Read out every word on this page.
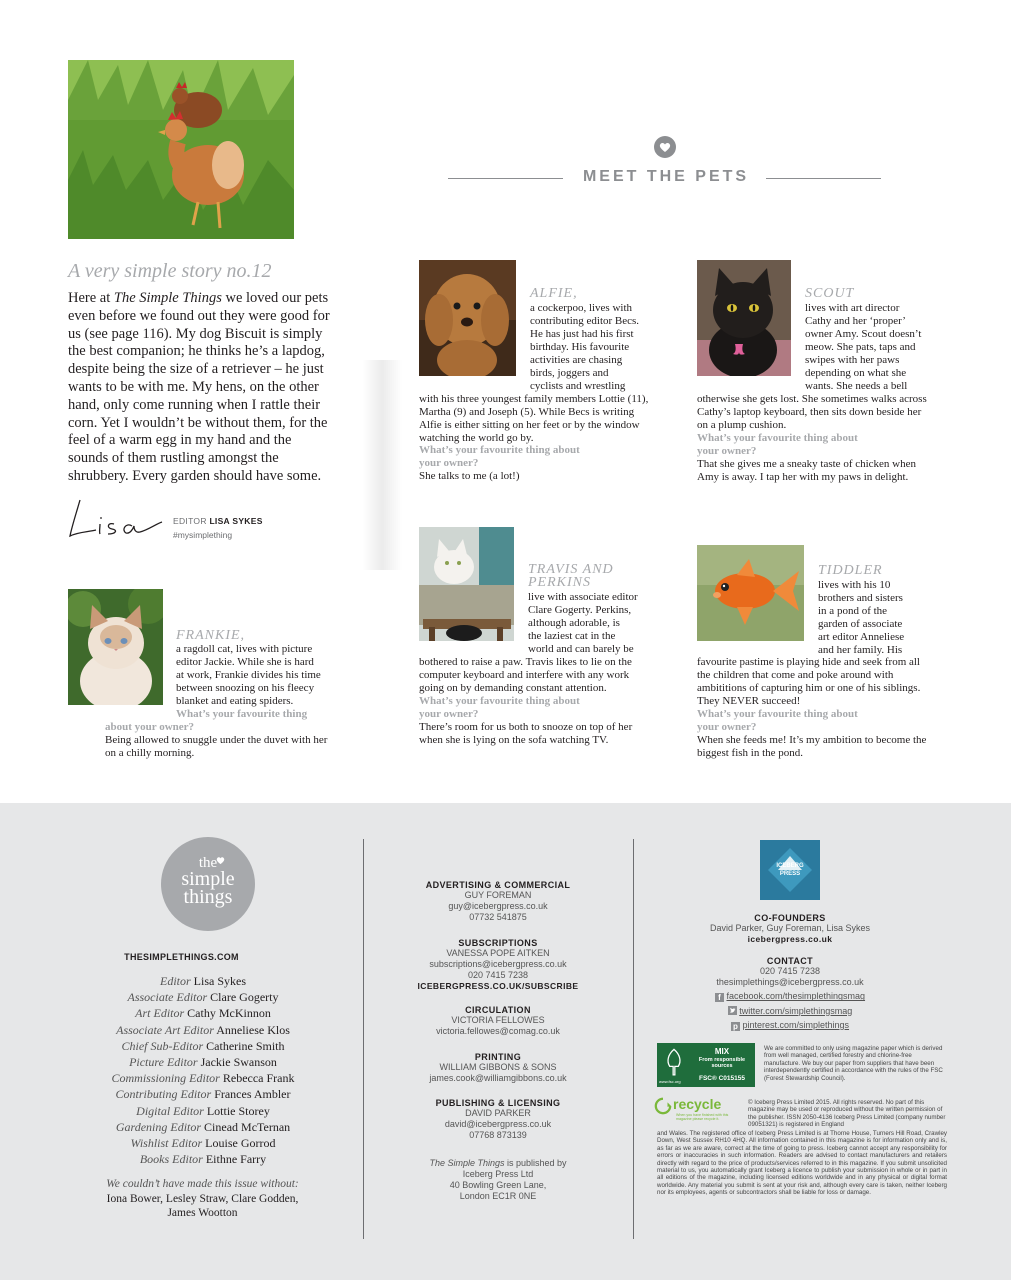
A very simple story no.12
Here at The Simple Things we loved our pets even before we found out they were good for us (see page 116). My dog Biscuit is simply the best companion; he thinks he’s a lapdog, despite being the size of a retriever – he just wants to be with me. My hens, on the other hand, only come running when I rattle their corn. Yet I wouldn’t be without them, for the feel of a warm egg in my hand and the sounds of them rustling amongst the shrubbery. Every garden should have some.
EDITOR LISA SYKES
#mysimplething
MEET THE PETS
ALFIE,
a cockerpoo, lives with
contributing editor Becs.
He has just had his first
birthday. His favourite
activities are chasing
birds, joggers and
cyclists and wrestling
with his three youngest family members Lottie (11), Martha (9) and Joseph (5). While Becs is writing Alfie is either sitting on her feet or by the window watching the world go by.
What’s your favourite thing about
your owner?
She talks to me (a lot!)
SCOUT
lives with art director
Cathy and her ‘proper’
owner Amy. Scout doesn’t
meow. She pats, taps and
swipes with her paws
depending on what she
wants. She needs a bell
otherwise she gets lost. She sometimes walks across Cathy’s laptop keyboard, then sits down beside her on a plump cushion.
What’s your favourite thing about
your owner?
That she gives me a sneaky taste of chicken when Amy is away. I tap her with my paws in delight.
FRANKIE,
a ragdoll cat, lives with picture
editor Jackie. While she is hard
at work, Frankie divides his time
between snoozing on his fleecy
blanket and eating spiders.
What’s your favourite thing
about your owner?
Being allowed to snuggle under the duvet with her on a chilly morning.
TRAVIS AND
PERKINS
live with associate editor
Clare Gogerty. Perkins,
although adorable, is
the laziest cat in the
world and can barely be
bothered to raise a paw. Travis likes to lie on the computer keyboard and interfere with any work going on by demanding constant attention.
What’s your favourite thing about
your owner?
There’s room for us both to snooze on top of her when she is lying on the sofa watching TV.
TIDDLER
lives with his 10
brothers and sisters
in a pond of the
garden of associate
art editor Anneliese
and her family. His
favourite pastime is playing hide and seek from all the children that come and poke around with ambititions of capturing him or one of his siblings. They NEVER succeed!
What’s your favourite thing about
your owner?
When she feeds me! It’s my ambition to become the biggest fish in the pond.
the
simple
things
THESIMPLETHINGS.COM
Editor Lisa Sykes
Associate Editor Clare Gogerty
Art Editor Cathy McKinnon
Associate Art Editor Anneliese Klos
Chief Sub-Editor Catherine Smith
Picture Editor Jackie Swanson
Commissioning Editor Rebecca Frank
Contributing Editor Frances Ambler
Digital Editor Lottie Storey
Gardening Editor Cinead McTernan
Wishlist Editor Louise Gorrod
Books Editor Eithne Farry
We couldn’t have made this issue without:
Iona Bower, Lesley Straw, Clare Godden,
James Wootton
ADVERTISING & COMMERCIAL
GUY FOREMAN
guy@icebergpress.co.uk
07732 541875
SUBSCRIPTIONS
VANESSA POPE AITKEN
subscriptions@icebergpress.co.uk
020 7415 7238
ICEBERGPRESS.CO.UK/SUBSCRIBE
CIRCULATION
VICTORIA FELLOWES
victoria.fellowes@comag.co.uk
PRINTING
WILLIAM GIBBONS & SONS
james.cook@williamgibbons.co.uk
PUBLISHING & LICENSING
DAVID PARKER
david@icebergpress.co.uk
07768 873139
The Simple Things is published by
Iceberg Press Ltd
40 Bowling Green Lane,
London EC1R 0NE
ICEBERG
PRESS
CO-FOUNDERS
David Parker, Guy Foreman, Lisa Sykes
icebergpress.co.uk
CONTACT
020 7415 7238
thesimplethings@icebergpress.co.uk
f facebook.com/thesimplethingsmag
twitter.com/simplethingsmag
p pinterest.com/simplethings
www.fsc.org
MIX
From responsible
sources
FSC® C015155
We are committed to only using magazine paper which is derived from well managed, certified forestry and chlorine-free manufacture. We buy our paper from suppliers that have been interdependently certified in accordance with the rules of the FSC (Forest Stewardship Council).
recycle
When you have finished with this magazine please recycle it.
© Iceberg Press Limited 2015. All rights reserved. No part of this magazine may be used or reproduced without the written permission of the publisher. ISSN 2050-4136 Iceberg Press Limited (company number 09051321) is registered in England
and Wales. The registered office of Iceberg Press Limited is at Thorne House, Turners Hill Road, Crawley Down, West Sussex RH10 4HQ. All information contained in this magazine is for information only and is, as far as we are aware, correct at the time of going to press. Iceberg cannot accept any responsibility for errors or inaccuracies in such information. Readers are advised to contact manufacturers and retailers directly with regard to the price of products/services referred to in this magazine. If you submit unsolicited material to us, you automatically grant Iceberg a licence to publish your submission in whole or in part in all editions of the magazine, including licensed editions worldwide and in any physical or digital format worldwide. Any material you submit is sent at your risk and, although every care is taken, neither Iceberg nor its employees, agents or subcontractors shall be liable for loss or damage.
